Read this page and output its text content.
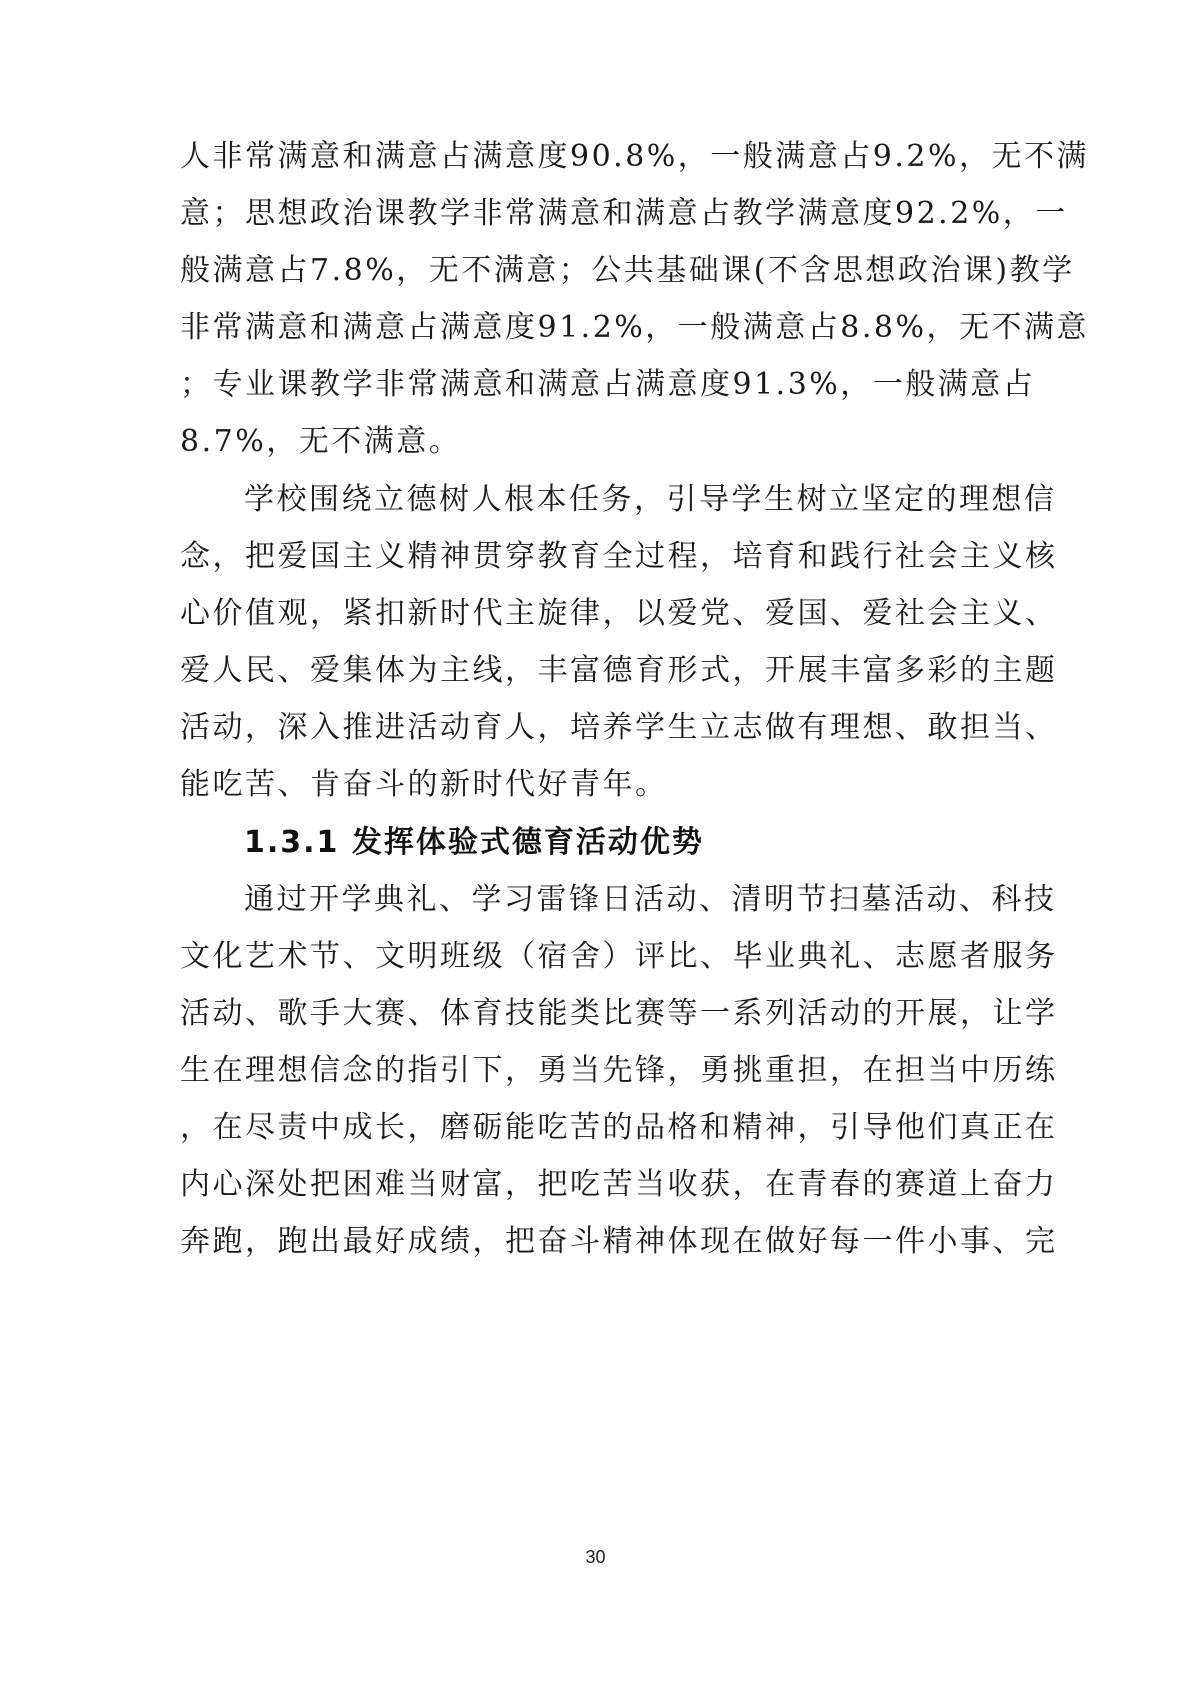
人非常满意和满意占满意度90.8%，一般满意占9.2%，无不满
意；思想政治课教学非常满意和满意占教学满意度92.2%，一
般满意占7.8%，无不满意；公共基础课(不含思想政治课)教学
非常满意和满意占满意度91.2%，一般满意占8.8%，无不满意
；专业课教学非常满意和满意占满意度91.3%，一般满意占
8.7%，无不满意。
学校围绕立德树人根本任务，引导学生树立坚定的理想信
念，把爱国主义精神贯穿教育全过程，培育和践行社会主义核
心价值观，紧扣新时代主旋律，以爱党、爱国、爱社会主义、
爱人民、爱集体为主线，丰富德育形式，开展丰富多彩的主题
活动，深入推进活动育人，培养学生立志做有理想、敢担当、
能吃苦、肯奋斗的新时代好青年。
1.3.1 发挥体验式德育活动优势
通过开学典礼、学习雷锋日活动、清明节扫墓活动、科技
文化艺术节、文明班级（宿舍）评比、毕业典礼、志愿者服务
活动、歌手大赛、体育技能类比赛等一系列活动的开展，让学
生在理想信念的指引下，勇当先锋，勇挑重担，在担当中历练
，在尽责中成长，磨砺能吃苦的品格和精神，引导他们真正在
内心深处把困难当财富，把吃苦当收获，在青春的赛道上奋力
奔跑，跑出最好成绩，把奋斗精神体现在做好每一件小事、完
30
